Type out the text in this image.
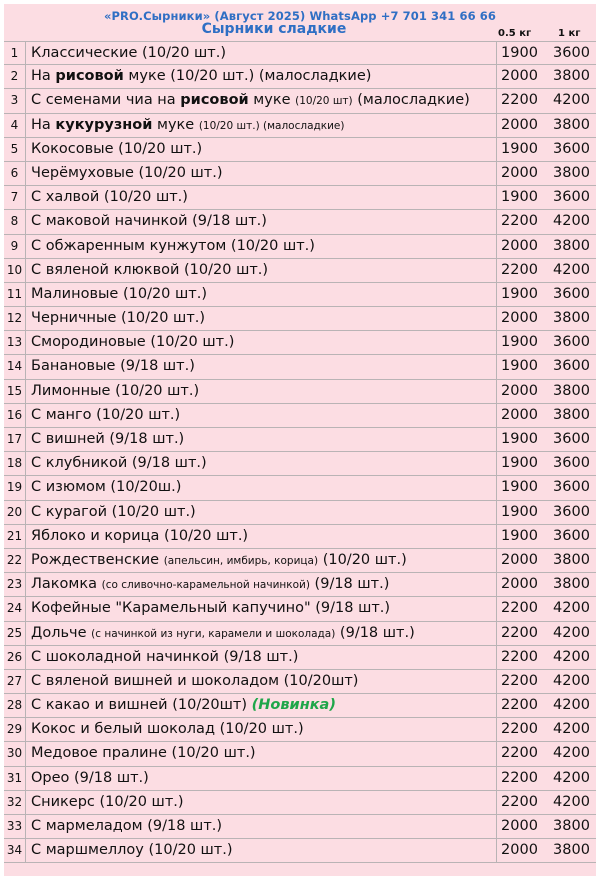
«PRO.Сырники» (Август 2025) WhatsApp +7 701 341 66 66
Сырники сладкие	0.5 кг	1 кг
1 Классические (10/20 шт.)	1900	3600
2 На рисовой муке (10/20 шт.) (малосладкие)	2000	3800
3 С семенами чиа на рисовой муке (10/20 шт) (малосладкие)	2200	4200
4 На кукурузной муке (10/20 шт.) (малосладкие)	2000	3800
5 Кокосовые (10/20 шт.)	1900	3600
6 Черёмуховые (10/20 шт.)	2000	3800
7 С халвой (10/20 шт.)	1900	3600
8 С маковой начинкой (9/18 шт.)	2200	4200
9 С обжаренным кунжутом (10/20 шт.)	2000	3800
10 С вяленой клюквой (10/20 шт.)	2200	4200
11 Малиновые (10/20 шт.)	1900	3600
12 Черничные (10/20 шт.)	2000	3800
13 Смородиновые (10/20 шт.)	1900	3600
14 Банановые (9/18 шт.)	1900	3600
15 Лимонные (10/20 шт.)	2000	3800
16 С манго (10/20 шт.)	2000	3800
17 С вишней (9/18 шт.)	1900	3600
18 С клубникой (9/18 шт.)	1900	3600
19 С изюмом (10/20ш.)	1900	3600
20 С курагой (10/20 шт.)	1900	3600
21 Яблоко и корица (10/20 шт.)	1900	3600
22 Рождественские (апельсин, имбирь, корица) (10/20 шт.)	2000	3800
23 Лакомка (со сливочно-карамельной начинкой) (9/18 шт.)	2000	3800
24 Кофейные "Карамельный капучино" (9/18 шт.)	2200	4200
25 Дольче (с начинкой из нуги, карамели и шоколада) (9/18 шт.)	2200	4200
26 С шоколадной начинкой (9/18 шт.)	2200	4200
27 С вяленой вишней и шоколадом (10/20шт)	2200	4200
28 С какао и вишней (10/20шт) (Новинка)	2200	4200
29 Кокос и белый шоколад (10/20 шт.)	2200	4200
30 Медовое пралине (10/20 шт.)	2200	4200
31 Орео (9/18 шт.)	2200	4200
32 Сникерс (10/20 шт.)	2200	4200
33 С мармеладом (9/18 шт.)	2000	3800
34 С маршмеллоу (10/20 шт.)	2000	3800
